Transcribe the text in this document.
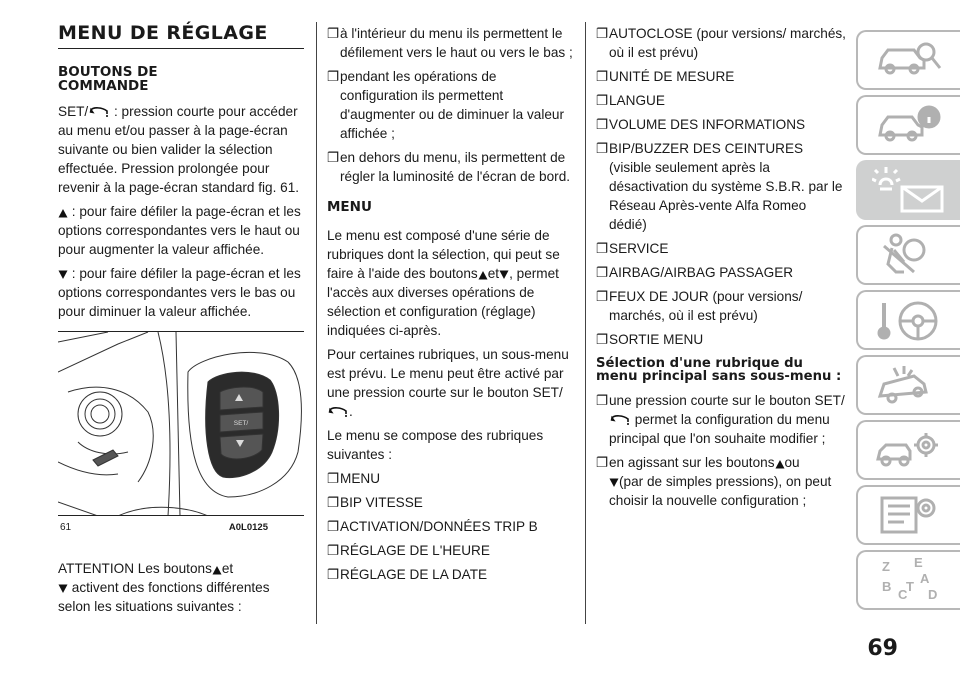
MENU DE RÉGLAGE
BOUTONS DE COMMANDE

SET/ : pression courte pour accéder au menu et/ou passer à la page-écran suivante ou bien valider la sélection effectuée. Pression prolongée pour revenir à la page-écran standard fig. 61.

: pour faire défiler la page-écran et les options correspondantes vers le haut ou pour augmenter la valeur affichée.

: pour faire défiler la page-écran et les options correspondantes vers le bas ou pour diminuer la valeur affichée.

SET/
61	A0L0125

ATTENTION Les boutons et
activent des fonctions différentes selon les situations suivantes :

❐ à l'intérieur du menu ils permettent le défilement vers le haut ou vers le bas ;
❐ pendant les opérations de configuration ils permettent d'augmenter ou de diminuer la valeur affichée ;
❐ en dehors du menu, ils permettent de régler la luminosité de l'écran de bord.
MENU

Le menu est composé d'une série de rubriques dont la sélection, qui peut se faire à l'aide des boutons et , permet l'accès aux diverses opérations de sélection et configuration (réglage) indiquées ci-après.

Pour certaines rubriques, un sous-menu est prévu. Le menu peut être activé par une pression courte sur le bouton SET/.

Le menu se compose des rubriques suivantes :

❐ MENU
❐ BIP VITESSE
❐ ACTIVATION/DONNÉES TRIP B
❐ RÉGLAGE DE L'HEURE
❐ RÉGLAGE DE LA DATE
❐ AUTOCLOSE (pour versions/ marchés, où il est prévu)
❐ UNITÉ DE MESURE
❐ LANGUE
❐ VOLUME DES INFORMATIONS
❐ BIP/BUZZER DES CEINTURES (visible seulement après la désactivation du système S.B.R. par le Réseau Après-vente Alfa Romeo dédié)
❐ SERVICE
❐ AIRBAG/AIRBAG PASSAGER
❐ FEUX DE JOUR (pour versions/ marchés, où il est prévu)
❐ SORTIE MENU
Sélection d'une rubrique du menu principal sans sous-menu :
❐ une pression courte sur le bouton SET/ permet la configuration du menu principal que l'on souhaite modifier ;
❐ en agissant sur les boutons ou
(par de simples pressions), on peut choisir la nouvelle configuration ;
Z E
A
B
C
T
D
69
